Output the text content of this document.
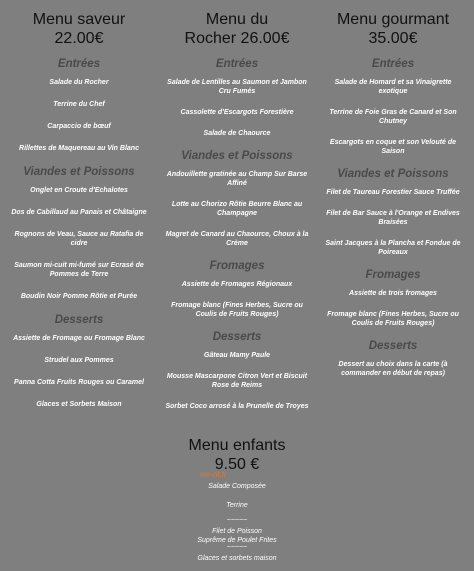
Menu saveur
22.00€
Entrées
Salade du Rocher
Terrine du Chef
Carpaccio de bœuf
Rillettes de Maquereau au Vin Blanc
Viandes et Poissons
Onglet en Croute d'Echalotes
Dos de Cabillaud au Panais et Châtaigne
Rognons de Veau, Sauce au Ratafia de cidre
Saumon mi-cuit mi-fumé sur Ecrasé de Pommes de Terre
Boudin Noir Pomme Rôtie et Purée
Desserts
Assiette de Fromage ou Fromage Blanc
Strudel aux Pommes
Panna Cotta Fruits Rouges ou Caramel
Glaces et Sorbets Maison
Menu du
Rocher 26.00€
Entrées
Salade de Lentilles au Saumon et Jambon Cru Fumés
Cassolette d'Escargots Forestière
Salade de Chaource
Viandes et Poissons
Andouillette gratinée au Champ Sur Barse Affiné
Lotte au Chorizo Rôtie Beurre Blanc au Champagne
Magret de Canard au Chaource, Choux à la Crème
Fromages
Assiette de Fromages Régionaux
Fromage blanc (Fines Herbes, Sucre ou Coulis de Fruits Rouges)
Desserts
Gâteau Mamy Paule
Mousse Mascarpone Citron Vert et Biscuit Rose de Reims
Sorbet Coco arrosé à la Prunelle de Troyes
Menu gourmant
35.00€
Entrées
Salade de Homard et sa Vinaigrette exotique
Terrine de Foie Gras de Canard et Son Chutney
Escargots en coque et son Velouté de Saison
Viandes et Poissons
Filet de Taureau Forestier Sauce Truffée
Filet de Bar Sauce à l'Orange et Endives Braisées
Saint Jacques à la Plancha et Fondue de Poireaux
Fromages
Assiette de trois fromages
Fromage blanc (Fines Herbes, Sucre ou Coulis de Fruits Rouges)
Desserts
Dessert au choix dans la carte (à commander en début de repas)
Menu enfants
9.50 €
Salade Composée
Terrine
~~~~~
Filet de Poisson
Suprême de Poulet Frites
~~~~~
Glaces et sorbets maison
we-rit.fr
